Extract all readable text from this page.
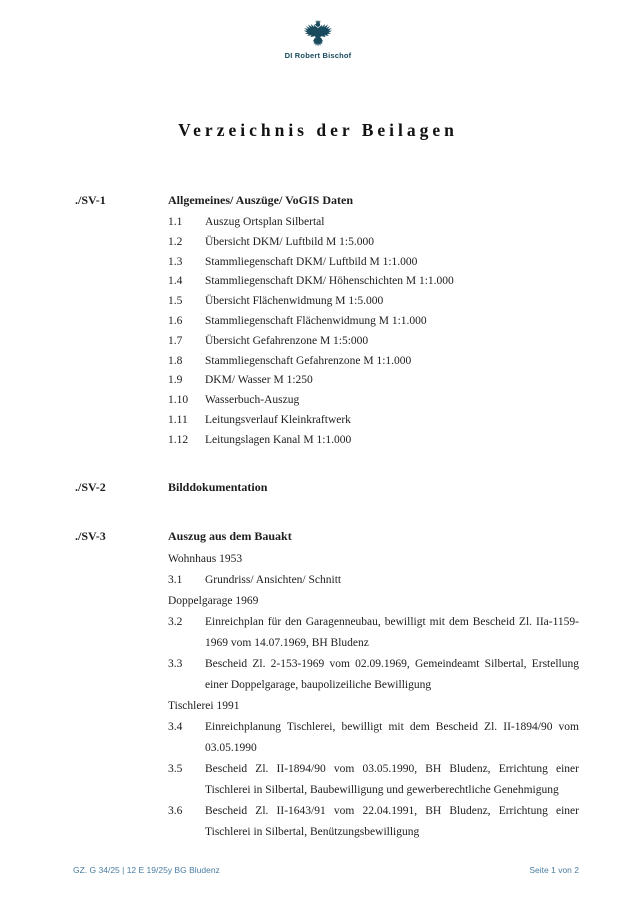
DI Robert Bischof
Verzeichnis der Beilagen
./SV-1	Allgemeines/ Auszüge/ VoGIS Daten
1.1	Auszug Ortsplan Silbertal
1.2	Übersicht DKM/ Luftbild M 1:5.000
1.3	Stammliegenschaft DKM/ Luftbild M 1:1.000
1.4	Stammliegenschaft DKM/ Höhenschichten M 1:1.000
1.5	Übersicht Flächenwidmung M 1:5.000
1.6	Stammliegenschaft Flächenwidmung M 1:1.000
1.7	Übersicht Gefahrenzone M 1:5:000
1.8	Stammliegenschaft Gefahrenzone M 1:1.000
1.9	DKM/ Wasser M 1:250
1.10	Wasserbuch-Auszug
1.11	Leitungsverlauf Kleinkraftwerk
1.12	Leitungslagen Kanal M 1:1.000
./SV-2	Bilddokumentation
./SV-3	Auszug aus dem Bauakt
Wohnhaus 1953
3.1	Grundriss/ Ansichten/ Schnitt
Doppelgarage 1969
3.2	Einreichplan für den Garagenneubau, bewilligt mit dem Bescheid Zl. IIa-1159-1969 vom 14.07.1969, BH Bludenz
3.3	Bescheid Zl. 2-153-1969 vom 02.09.1969, Gemeindeamt Silbertal, Erstellung einer Doppelgarage, baupolizeiliche Bewilligung
Tischlerei 1991
3.4	Einreichplanung Tischlerei, bewilligt mit dem Bescheid Zl. II-1894/90 vom 03.05.1990
3.5	Bescheid Zl. II-1894/90 vom 03.05.1990, BH Bludenz, Errichtung einer Tischlerei in Silbertal, Baubewilligung und gewerberechtliche Genehmigung
3.6	Bescheid Zl. II-1643/91 vom 22.04.1991, BH Bludenz, Errichtung einer Tischlerei in Silbertal, Benützungsbewilligung
GZ. G 34/25 | 12 E 19/25y BG Bludenz	Seite 1 von 2
